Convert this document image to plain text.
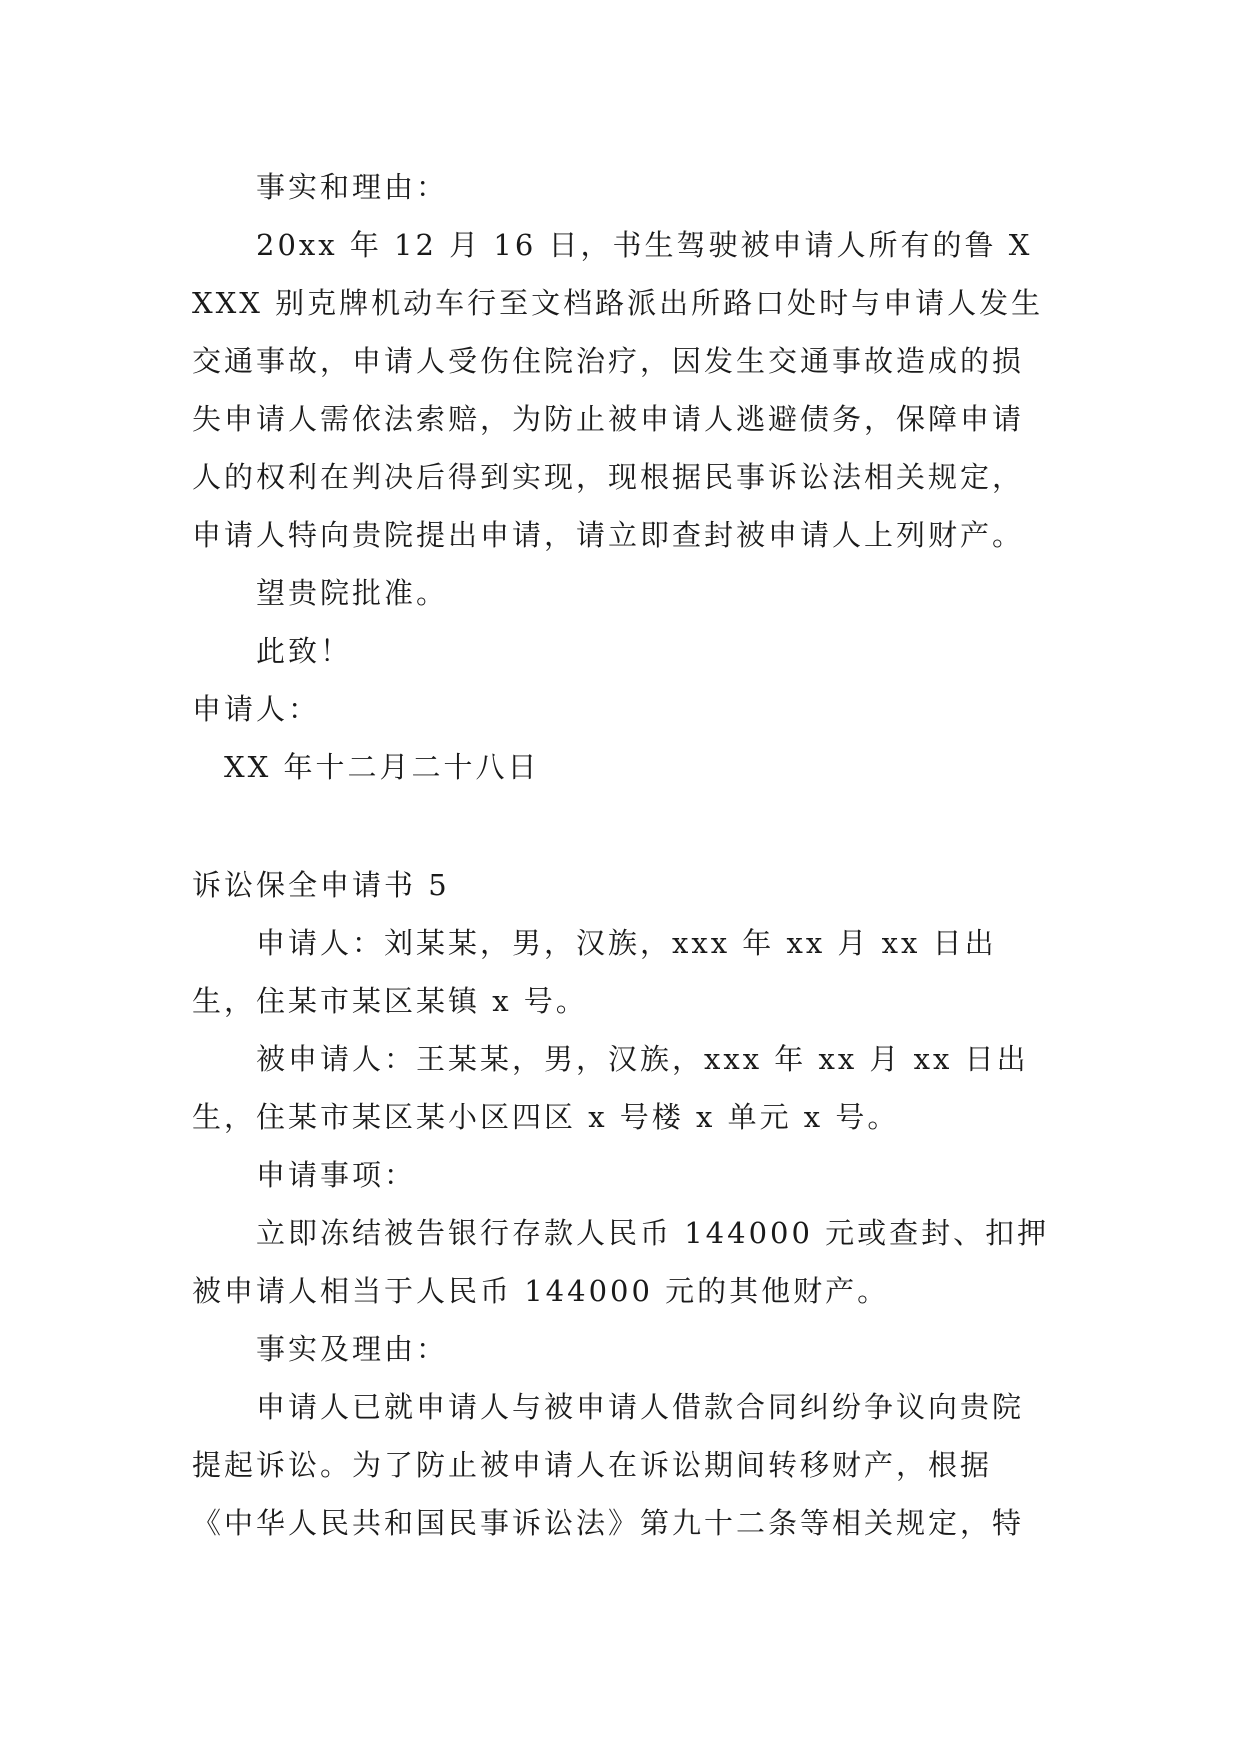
事实和理由：

20xx 年 12 月 16 日，书生驾驶被申请人所有的鲁 XXXX 别克牌机动车行至文档路派出所路口处时与申请人发生交通事故，申请人受伤住院治疗，因发生交通事故造成的损失申请人需依法索赔，为防止被申请人逃避债务，保障申请人的权利在判决后得到实现，现根据民事诉讼法相关规定，申请人特向贵院提出申请，请立即查封被申请人上列财产。

望贵院批准。

此致！

申请人：

XX 年十二月二十八日

诉讼保全申请书 5

申请人：刘某某，男，汉族，xxx 年 xx 月 xx 日出生，住某市某区某镇 x 号。

被申请人：王某某，男，汉族，xxx 年 xx 月 xx 日出生，住某市某区某小区四区 x 号楼 x 单元 x 号。

申请事项：

立即冻结被告银行存款人民币 144000 元或查封、扣押被申请人相当于人民币 144000 元的其他财产。

事实及理由：

申请人已就申请人与被申请人借款合同纠纷争议向贵院提起诉讼。为了防止被申请人在诉讼期间转移财产，根据《中华人民共和国民事诉讼法》第九十二条等相关规定，特
